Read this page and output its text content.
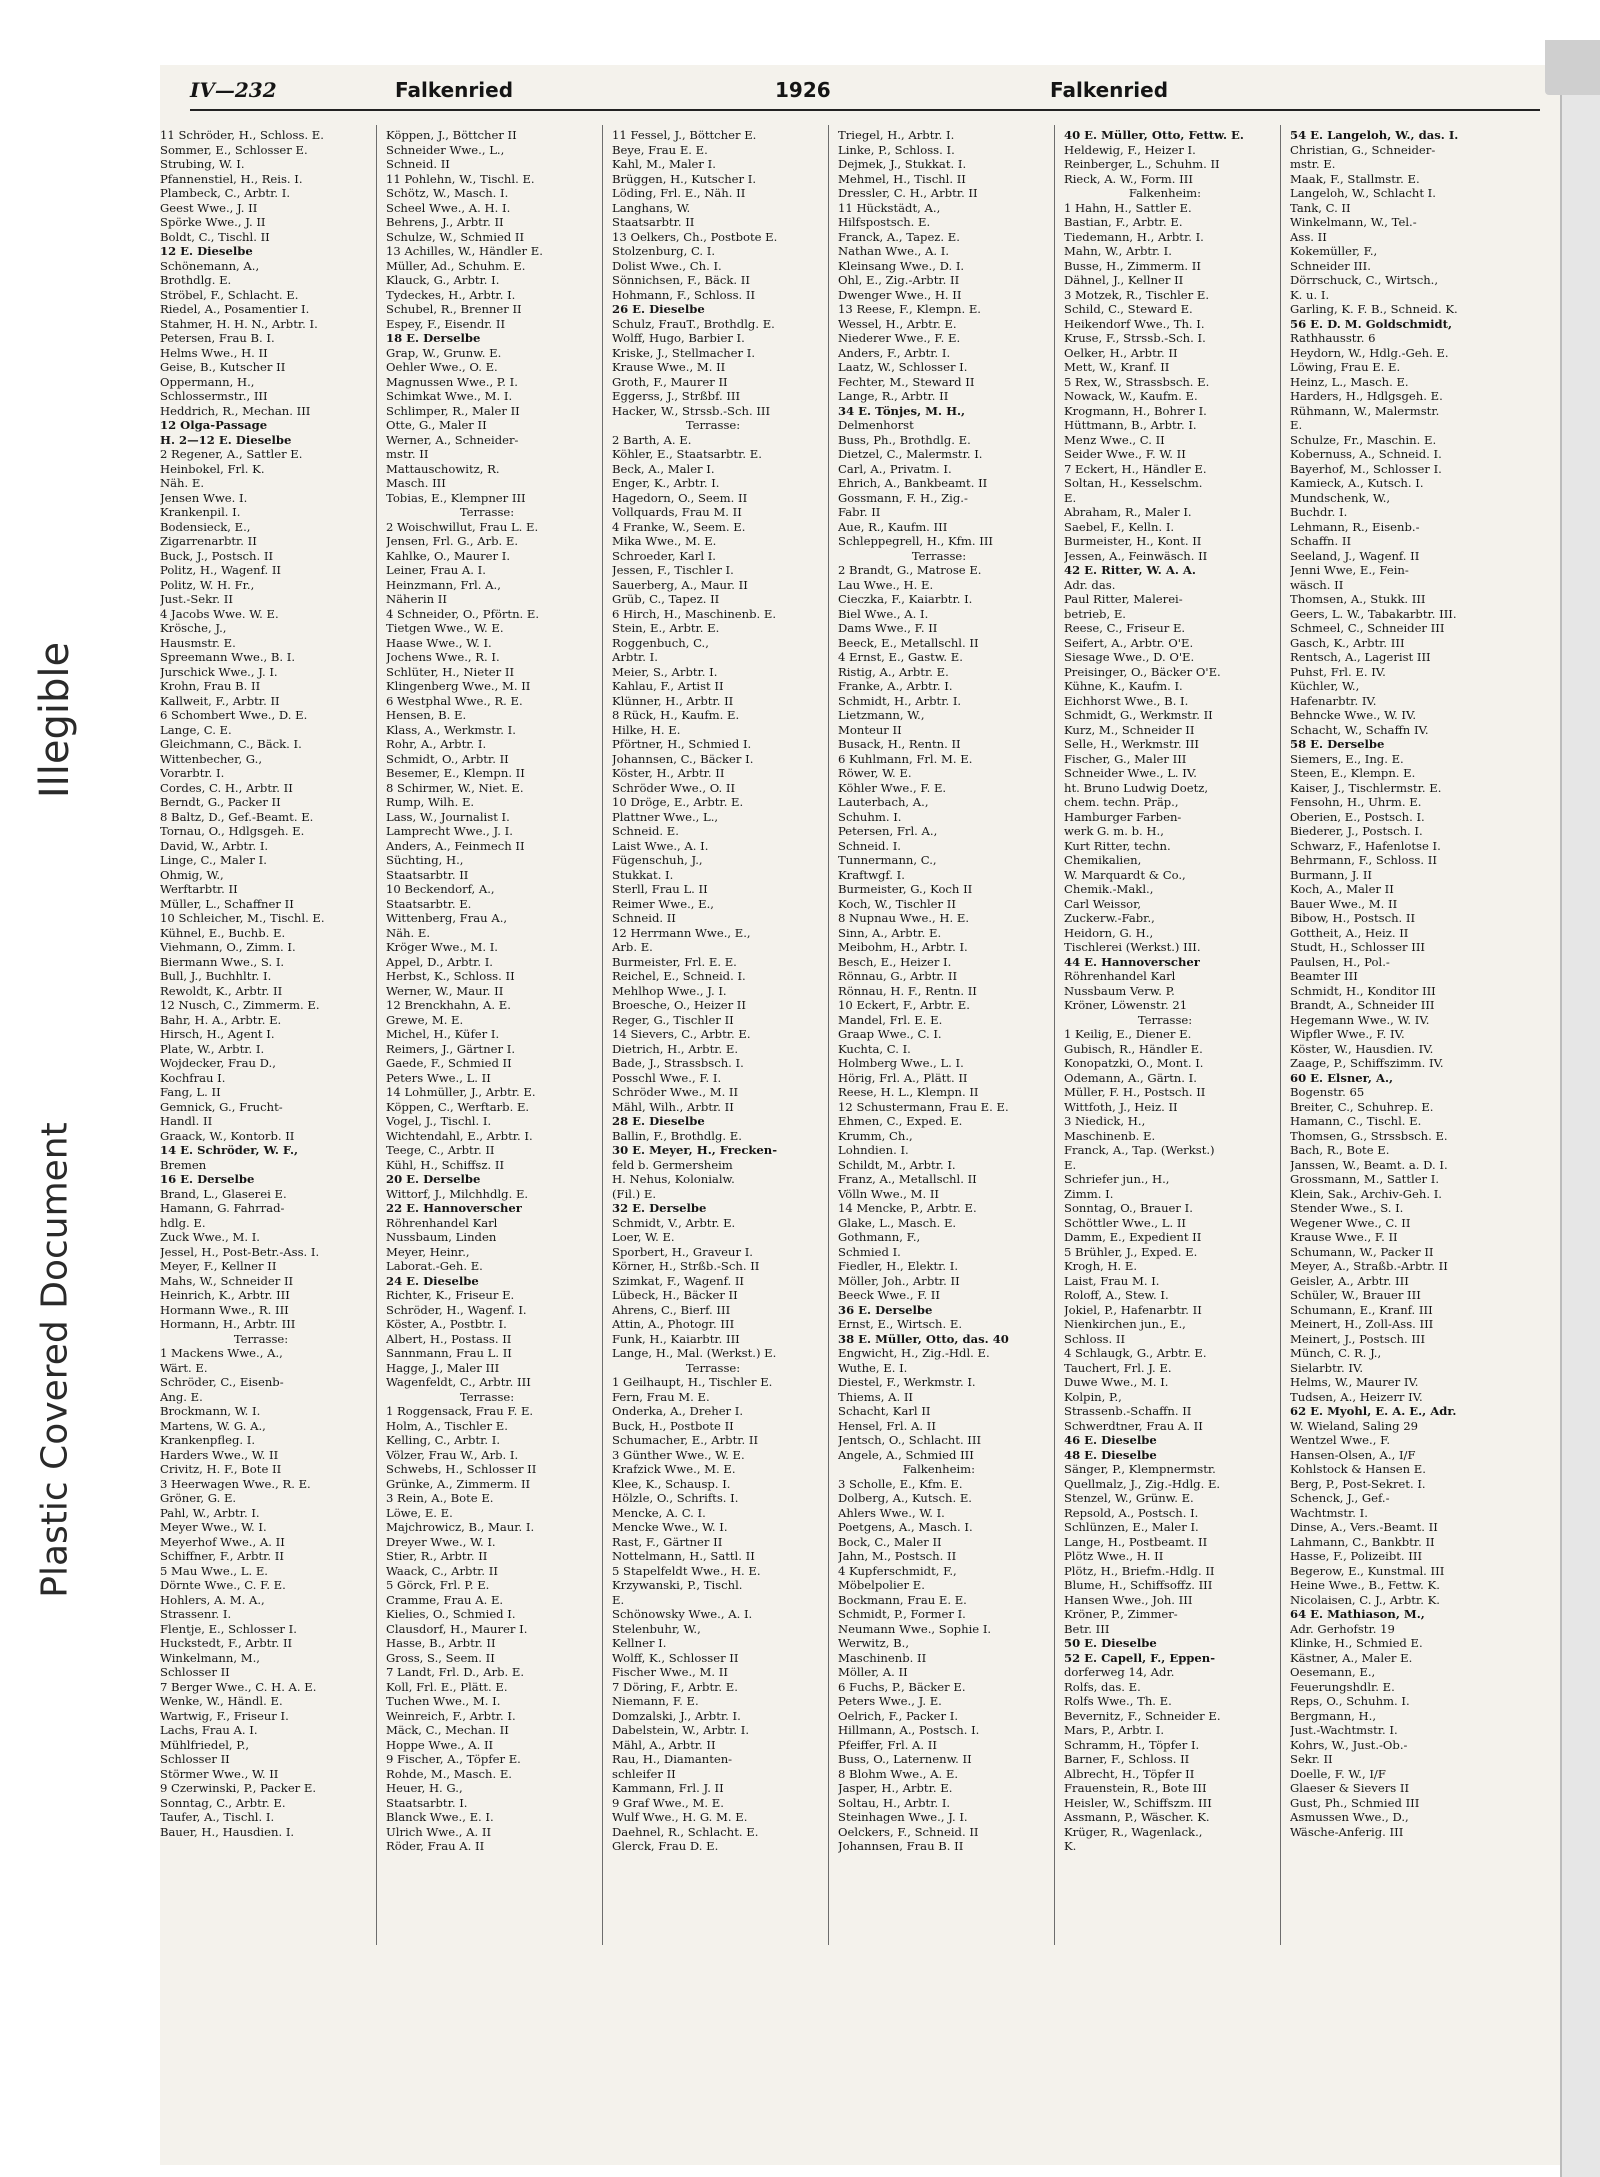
Illegible
Plastic Covered Document
IV—232	Falkenried	1926	Falkenried
11 Schröder, H., Schloss. E.
Sommer, E., Schlosser E.
Strubing, W. I.
Pfannenstiel, H., Reis. I.
Plambeck, C., Arbtr. I.
Geest Wwe., J. II
Spörke Wwe., J. II
Boldt, C., Tischl. II
12 E. Dieselbe
Schönemann, A.,
Brothdlg. E.
Ströbel, F., Schlacht. E.
Riedel, A., Posamentier I.
Stahmer, H. H. N., Arbtr. I.
Petersen, Frau B. I.
Helms Wwe., H. II
Geise, B., Kutscher II
Oppermann, H.,
Schlossermstr., III
Heddrich, R., Mechan. III
12 Olga-Passage
H. 2—12 E. Dieselbe
2 Regener, A., Sattler E.
Heinbokel, Frl. K.
Näh. E.
Jensen Wwe. I.
Krankenpil. I.
Bodensieck, E.,
Zigarrenarbtr. II
Buck, J., Postsch. II
Politz, H., Wagenf. II
Politz, W. H. Fr.,
Just.-Sekr. II
4 Jacobs Wwe. W. E.
Krösche, J.,
Hausmstr. E.
Spreemann Wwe., B. I.
Jurschick Wwe., J. I.
Krohn, Frau B. II
Kallweit, F., Arbtr. II
6 Schombert Wwe., D. E.
Lange, C. E.
Gleichmann, C., Bäck. I.
Wittenbecher, G.,
Vorarbtr. I.
Cordes, C. H., Arbtr. II
Berndt, G., Packer II
8 Baltz, D., Gef.-Beamt. E.
Tornau, O., Hdlgsgeh. E.
David, W., Arbtr. I.
Linge, C., Maler I.
Ohmig, W.,
Werftarbtr. II
Müller, L., Schaffner II
10 Schleicher, M., Tischl. E.
Kühnel, E., Buchb. E.
Viehmann, O., Zimm. I.
Biermann Wwe., S. I.
Bull, J., Buchhltr. I.
Rewoldt, K., Arbtr. II
12 Nusch, C., Zimmerm. E.
Bahr, H. A., Arbtr. E.
Hirsch, H., Agent I.
Plate, W., Arbtr. I.
Wojdecker, Frau D.,
Kochfrau I.
Fang, L. II
Gemnick, G., Frucht-
Handl. II
Graack, W., Kontorb. II
14 E. Schröder, W. F.,
Bremen
16 E. Derselbe
Brand, L., Glaserei E.
Hamann, G. Fahrrad-
hdlg. E.
Zuck Wwe., M. I.
Jessel, H., Post-Betr.-Ass. I.
Meyer, F., Kellner II
Mahs, W., Schneider II
Heinrich, K., Arbtr. III
Hormann Wwe., R. III
Hormann, H., Arbtr. III
Terrasse:
1 Mackens Wwe., A.,
Wärt. E.
Schröder, C., Eisenb-
Ang. E.
Brockmann, W. I.
Martens, W. G. A.,
Krankenpfleg. I.
Harders Wwe., W. II
Crivitz, H. F., Bote II
3 Heerwagen Wwe., R. E.
Gröner, G. E.
Pahl, W., Arbtr. I.
Meyer Wwe., W. I.
Meyerhof Wwe., A. II
Schiffner, F., Arbtr. II
5 Mau Wwe., L. E.
Dörnte Wwe., C. F. E.
Hohlers, A. M. A.,
Strassenr. I.
Flentje, E., Schlosser I.
Huckstedt, F., Arbtr. II
Winkelmann, M.,
Schlosser II
7 Berger Wwe., C. H. A. E.
Wenke, W., Händl. E.
Wartwig, F., Friseur I.
Lachs, Frau A. I.
Mühlfriedel, P.,
Schlosser II
Störmer Wwe., W. II
9 Czerwinski, P., Packer E.
Sonntag, C., Arbtr. E.
Taufer, A., Tischl. I.
Bauer, H., Hausdien. I.
Köppen, J., Böttcher II
Schneider Wwe., L.,
Schneid. II
11 Pohlehn, W., Tischl. E.
Schötz, W., Masch. I.
Scheel Wwe., A. H. I.
Behrens, J., Arbtr. II
Schulze, W., Schmied II
13 Achilles, W., Händler E.
Müller, Ad., Schuhm. E.
Klauck, G., Arbtr. I.
Tydeckes, H., Arbtr. I.
Schubel, R., Brenner II
Espey, F., Eisendr. II
18 E. Derselbe
Grap, W., Grunw. E.
Oehler Wwe., O. E.
Magnussen Wwe., P. I.
Schimkat Wwe., M. I.
Schlimper, R., Maler II
Otte, G., Maler II
Werner, A., Schneider-
mstr. II
Mattauschowitz, R.
Masch. III
Tobias, E., Klempner III
Terrasse:
2 Woischwillut, Frau L. E.
Jensen, Frl. G., Arb. E.
Kahlke, O., Maurer I.
Leiner, Frau A. I.
Heinzmann, Frl. A.,
Näherin II
4 Schneider, O., Pförtn. E.
Tietgen Wwe., W. E.
Haase Wwe., W. I.
Jochens Wwe., R. I.
Schlüter, H., Nieter II
Klingenberg Wwe., M. II
6 Westphal Wwe., R. E.
Hensen, B. E.
Klass, A., Werkmstr. I.
Rohr, A., Arbtr. I.
Schmidt, O., Arbtr. II
Besemer, E., Klempn. II
8 Schirmer, W., Niet. E.
Rump, Wilh. E.
Lass, W., Journalist I.
Lamprecht Wwe., J. I.
Anders, A., Feinmech II
Süchting, H.,
Staatsarbtr. II
10 Beckendorf, A.,
Staatsarbtr. E.
Wittenberg, Frau A.,
Näh. E.
Kröger Wwe., M. I.
Appel, D., Arbtr. I.
Herbst, K., Schloss. II
Werner, W., Maur. II
12 Brenckhahn, A. E.
Grewe, M. E.
Michel, H., Küfer I.
Reimers, J., Gärtner I.
Gaede, F., Schmied II
Peters Wwe., L. II
14 Lohmüller, J., Arbtr. E.
Köppen, C., Werftarb. E.
Vogel, J., Tischl. I.
Wichtendahl, E., Arbtr. I.
Teege, C., Arbtr. II
Kühl, H., Schiffsz. II
20 E. Derselbe
Wittorf, J., Milchhdlg. E.
22 E. Hannoverscher
Röhrenhandel Karl
Nussbaum, Linden
Meyer, Heinr.,
Laborat.-Geh. E.
24 E. Dieselbe
Richter, K., Friseur E.
Schröder, H., Wagenf. I.
Köster, A., Postbtr. I.
Albert, H., Postass. II
Sannmann, Frau L. II
Hagge, J., Maler III
Wagenfeldt, C., Arbtr. III
Terrasse:
1 Roggensack, Frau F. E.
Holm, A., Tischler E.
Kelling, C., Arbtr. I.
Völzer, Frau W., Arb. I.
Schwebs, H., Schlosser II
Grünke, A., Zimmerm. II
3 Rein, A., Bote E.
Löwe, E. E.
Majchrowicz, B., Maur. I.
Dreyer Wwe., W. I.
Stier, R., Arbtr. II
Waack, C., Arbtr. II
5 Görck, Frl. P. E.
Cramme, Frau A. E.
Kielies, O., Schmied I.
Clausdorf, H., Maurer I.
Hasse, B., Arbtr. II
Gross, S., Seem. II
7 Landt, Frl. D., Arb. E.
Koll, Frl. E., Plätt. E.
Tuchen Wwe., M. I.
Weinreich, F., Arbtr. I.
Mäck, C., Mechan. II
Hoppe Wwe., A. II
9 Fischer, A., Töpfer E.
Rohde, M., Masch. E.
Heuer, H. G.,
Staatsarbtr. I.
Blanck Wwe., E. I.
Ulrich Wwe., A. II
Röder, Frau A. II
11 Fessel, J., Böttcher E.
Beye, Frau E. E.
Kahl, M., Maler I.
Brüggen, H., Kutscher I.
Löding, Frl. E., Näh. II
Langhans, W.
Staatsarbtr. II
13 Oelkers, Ch., Postbote E.
Stolzenburg, C. I.
Dolist Wwe., Ch. I.
Sönnichsen, F., Bäck. II
Hohmann, F., Schloss. II
26 E. Dieselbe
Schulz, FrauT., Brothdlg. E.
Wolff, Hugo, Barbier I.
Kriske, J., Stellmacher I.
Krause Wwe., M. II
Groth, F., Maurer II
Eggerss, J., Strßbf. III
Hacker, W., Strssb.-Sch. III
Terrasse:
2 Barth, A. E.
Köhler, E., Staatsarbtr. E.
Beck, A., Maler I.
Enger, K., Arbtr. I.
Hagedorn, O., Seem. II
Vollquards, Frau M. II
4 Franke, W., Seem. E.
Mika Wwe., M. E.
Schroeder, Karl I.
Jessen, F., Tischler I.
Sauerberg, A., Maur. II
Grüb, C., Tapez. II
6 Hirch, H., Maschinenb. E.
Stein, E., Arbtr. E.
Roggenbuch, C.,
Arbtr. I.
Meier, S., Arbtr. I.
Kahlau, F., Artist II
Klünner, H., Arbtr. II
8 Rück, H., Kaufm. E.
Hilke, H. E.
Pförtner, H., Schmied I.
Johannsen, C., Bäcker I.
Köster, H., Arbtr. II
Schröder Wwe., O. II
10 Dröge, E., Arbtr. E.
Plattner Wwe., L.,
Schneid. E.
Laist Wwe., A. I.
Fügenschuh, J.,
Stukkat. I.
Sterll, Frau L. II
Reimer Wwe., E.,
Schneid. II
12 Herrmann Wwe., E.,
Arb. E.
Burmeister, Frl. E. E.
Reichel, E., Schneid. I.
Mehlhop Wwe., J. I.
Broesche, O., Heizer II
Reger, G., Tischler II
14 Sievers, C., Arbtr. E.
Dietrich, H., Arbtr. E.
Bade, J., Strassbsch. I.
Posschl Wwe., F. I.
Schröder Wwe., M. II
Mähl, Wilh., Arbtr. II
28 E. Dieselbe
Ballin, F., Brothdlg. E.
30 E. Meyer, H., Frecken-
feld b. Germersheim
H. Nehus, Kolonialw.
(Fil.) E.
32 E. Derselbe
Schmidt, V., Arbtr. E.
Loer, W. E.
Sporbert, H., Graveur I.
Körner, H., Strßb.-Sch. II
Szimkat, F., Wagenf. II
Lübeck, H., Bäcker II
Ahrens, C., Bierf. III
Attin, A., Photogr. III
Funk, H., Kaiarbtr. III
Lange, H., Mal. (Werkst.) E.
Terrasse:
1 Geilhaupt, H., Tischler E.
Fern, Frau M. E.
Onderka, A., Dreher I.
Buck, H., Postbote II
Schumacher, E., Arbtr. II
3 Günther Wwe., W. E.
Krafzick Wwe., M. E.
Klee, K., Schausp. I.
Hölzle, O., Schrifts. I.
Mencke, A. C. I.
Mencke Wwe., W. I.
Rast, F., Gärtner II
Nottelmann, H., Sattl. II
5 Stapelfeldt Wwe., H. E.
Krzywanski, P., Tischl.
E.
Schönowsky Wwe., A. I.
Stelenbuhr, W.,
Kellner I.
Wolff, K., Schlosser II
Fischer Wwe., M. II
7 Döring, F., Arbtr. E.
Niemann, F. E.
Domzalski, J., Arbtr. I.
Dabelstein, W., Arbtr. I.
Mähl, A., Arbtr. II
Rau, H., Diamanten-
schleifer II
Kammann, Frl. J. II
9 Graf Wwe., M. E.
Wulf Wwe., H. G. M. E.
Daehnel, R., Schlacht. E.
Glerck, Frau D. E.
Triegel, H., Arbtr. I.
Linke, P., Schloss. I.
Dejmek, J., Stukkat. I.
Mehmel, H., Tischl. II
Dressler, C. H., Arbtr. II
11 Hückstädt, A.,
Hilfspostsch. E.
Franck, A., Tapez. E.
Nathan Wwe., A. I.
Kleinsang Wwe., D. I.
Ohl, E., Zig.-Arbtr. II
Dwenger Wwe., H. II
13 Reese, F., Klempn. E.
Wessel, H., Arbtr. E.
Niederer Wwe., F. E.
Anders, F., Arbtr. I.
Laatz, W., Schlosser I.
Fechter, M., Steward II
Lange, R., Arbtr. II
34 E. Tönjes, M. H.,
Delmenhorst
Buss, Ph., Brothdlg. E.
Dietzel, C., Malermstr. I.
Carl, A., Privatm. I.
Ehrich, A., Bankbeamt. II
Gossmann, F. H., Zig.-
Fabr. II
Aue, R., Kaufm. III
Schleppegrell, H., Kfm. III
Terrasse:
2 Brandt, G., Matrose E.
Lau Wwe., H. E.
Cieczka, F., Kaiarbtr. I.
Biel Wwe., A. I.
Dams Wwe., F. II
Beeck, E., Metallschl. II
4 Ernst, E., Gastw. E.
Ristig, A., Arbtr. E.
Franke, A., Arbtr. I.
Schmidt, H., Arbtr. I.
Lietzmann, W.,
Monteur II
Busack, H., Rentn. II
6 Kuhlmann, Frl. M. E.
Röwer, W. E.
Köhler Wwe., F. E.
Lauterbach, A.,
Schuhm. I.
Petersen, Frl. A.,
Schneid. I.
Tunnermann, C.,
Kraftwgf. I.
Burmeister, G., Koch II
Koch, W., Tischler II
8 Nupnau Wwe., H. E.
Sinn, A., Arbtr. E.
Meibohm, H., Arbtr. I.
Besch, E., Heizer I.
Rönnau, G., Arbtr. II
Rönnau, H. F., Rentn. II
10 Eckert, F., Arbtr. E.
Mandel, Frl. E. E.
Graap Wwe., C. I.
Kuchta, C. I.
Holmberg Wwe., L. I.
Hörig, Frl. A., Plätt. II
Reese, H. L., Klempn. II
12 Schustermann, Frau E. E.
Ehmen, C., Exped. E.
Krumm, Ch.,
Lohndien. I.
Schildt, M., Arbtr. I.
Franz, A., Metallschl. II
Völln Wwe., M. II
14 Mencke, P., Arbtr. E.
Glake, L., Masch. E.
Gothmann, F.,
Schmied I.
Fiedler, H., Elektr. I.
Möller, Joh., Arbtr. II
Beeck Wwe., F. II
36 E. Derselbe
Ernst, E., Wirtsch. E.
38 E. Müller, Otto, das. 40
Engwicht, H., Zig.-Hdl. E.
Wuthe, E. I.
Diestel, F., Werkmstr. I.
Thiems, A. II
Schacht, Karl II
Hensel, Frl. A. II
Jentsch, O., Schlacht. III
Angele, A., Schmied III
Falkenheim:
3 Scholle, E., Kfm. E.
Dolberg, A., Kutsch. E.
Ahlers Wwe., W. I.
Poetgens, A., Masch. I.
Bock, C., Maler II
Jahn, M., Postsch. II
4 Kupferschmidt, F.,
Möbelpolier E.
Bockmann, Frau E. E.
Schmidt, P., Former I.
Neumann Wwe., Sophie I.
Werwitz, B.,
Maschinenb. II
Möller, A. II
6 Fuchs, P., Bäcker E.
Peters Wwe., J. E.
Oelrich, F., Packer I.
Hillmann, A., Postsch. I.
Pfeiffer, Frl. A. II
Buss, O., Laternenw. II
8 Blohm Wwe., A. E.
Jasper, H., Arbtr. E.
Soltau, H., Arbtr. I.
Steinhagen Wwe., J. I.
Oelckers, F., Schneid. II
Johannsen, Frau B. II
40 E. Müller, Otto, Fettw. E.
Heldewig, F., Heizer I.
Reinberger, L., Schuhm. II
Rieck, A. W., Form. III
Falkenheim:
1 Hahn, H., Sattler E.
Bastian, F., Arbtr. E.
Tiedemann, H., Arbtr. I.
Mahn, W., Arbtr. I.
Busse, H., Zimmerm. II
Dähnel, J., Kellner II
3 Motzek, R., Tischler E.
Schild, C., Steward E.
Heikendorf Wwe., Th. I.
Kruse, F., Strssb.-Sch. I.
Oelker, H., Arbtr. II
Mett, W., Kranf. II
5 Rex, W., Strassbsch. E.
Nowack, W., Kaufm. E.
Krogmann, H., Bohrer I.
Hüttmann, B., Arbtr. I.
Menz Wwe., C. II
Seider Wwe., F. W. II
7 Eckert, H., Händler E.
Soltan, H., Kesselschm.
E.
Abraham, R., Maler I.
Saebel, F., Kelln. I.
Burmeister, H., Kont. II
Jessen, A., Feinwäsch. II
42 E. Ritter, W. A. A.
Adr. das.
Paul Ritter, Malerei-
betrieb, E.
Reese, C., Friseur E.
Seifert, A., Arbtr. O'E.
Siesage Wwe., D. O'E.
Preisinger, O., Bäcker O'E.
Kühne, K., Kaufm. I.
Eichhorst Wwe., B. I.
Schmidt, G., Werkmstr. II
Kurz, M., Schneider II
Selle, H., Werkmstr. III
Fischer, G., Maler III
Schneider Wwe., L. IV.
ht. Bruno Ludwig Doetz,
chem. techn. Präp.,
Hamburger Farben-
werk G. m. b. H.,
Kurt Ritter, techn.
Chemikalien,
W. Marquardt & Co.,
Chemik.-Makl.,
Carl Weissor,
Zuckerw.-Fabr.,
Heidorn, G. H.,
Tischlerei (Werkst.) III.
44 E. Hannoverscher
Röhrenhandel Karl
Nussbaum Verw. P.
Kröner, Löwenstr. 21
Terrasse:
1 Keilig, E., Diener E.
Gubisch, R., Händler E.
Konopatzki, O., Mont. I.
Odemann, A., Gärtn. I.
Müller, F. H., Postsch. II
Wittfoth, J., Heiz. II
3 Niedick, H.,
Maschinenb. E.
Franck, A., Tap. (Werkst.)
E.
Schriefer jun., H.,
Zimm. I.
Sonntag, O., Brauer I.
Schöttler Wwe., L. II
Damm, E., Expedient II
5 Brühler, J., Exped. E.
Krogh, H. E.
Laist, Frau M. I.
Roloff, A., Stew. I.
Jokiel, P., Hafenarbtr. II
Nienkirchen jun., E.,
Schloss. II
4 Schlaugk, G., Arbtr. E.
Tauchert, Frl. J. E.
Duwe Wwe., M. I.
Kolpin, P.,
Strassenb.-Schaffn. II
Schwerdtner, Frau A. II
46 E. Dieselbe
48 E. Dieselbe
Sänger, P., Klempnermstr.
Quellmalz, J., Zig.-Hdlg. E.
Stenzel, W., Grünw. E.
Repsold, A., Postsch. I.
Schlünzen, E., Maler I.
Lange, H., Postbeamt. II
Plötz Wwe., H. II
Plötz, H., Briefm.-Hdlg. II
Blume, H., Schiffsoffz. III
Hansen Wwe., Joh. III
Kröner, P., Zimmer-
Betr. III
50 E. Dieselbe
52 E. Capell, F., Eppen-
dorferweg 14, Adr.
Rolfs, das. E.
Rolfs Wwe., Th. E.
Bevernitz, F., Schneider E.
Mars, P., Arbtr. I.
Schramm, H., Töpfer I.
Barner, F., Schloss. II
Albrecht, H., Töpfer II
Frauenstein, R., Bote III
Heisler, W., Schiffszm. III
Assmann, P., Wäscher. K.
Krüger, R., Wagenlack.,
K.
54 E. Langeloh, W., das. I.
Christian, G., Schneider-
mstr. E.
Maak, F., Stallmstr. E.
Langeloh, W., Schlacht I.
Tank, C. II
Winkelmann, W., Tel.-
Ass. II
Kokemüller, F.,
Schneider III.
Dörrschuck, C., Wirtsch.,
K. u. I.
Garling, K. F. B., Schneid. K.
56 E. D. M. Goldschmidt,
Rathhausstr. 6
Heydorn, W., Hdlg.-Geh. E.
Löwing, Frau E. E.
Heinz, L., Masch. E.
Harders, H., Hdlgsgeh. E.
Rühmann, W., Malermstr.
E.
Schulze, Fr., Maschin. E.
Kobernuss, A., Schneid. I.
Bayerhof, M., Schlosser I.
Kamieck, A., Kutsch. I.
Mundschenk, W.,
Buchdr. I.
Lehmann, R., Eisenb.-
Schaffn. II
Seeland, J., Wagenf. II
Jenni Wwe, E., Fein-
wäsch. II
Thomsen, A., Stukk. III
Geers, L. W., Tabakarbtr. III.
Schmeel, C., Schneider III
Gasch, K., Arbtr. III
Rentsch, A., Lagerist III
Puhst, Frl. E. IV.
Küchler, W.,
Hafenarbtr. IV.
Behncke Wwe., W. IV.
Schacht, W., Schaffn IV.
58 E. Derselbe
Siemers, E., Ing. E.
Steen, E., Klempn. E.
Kaiser, J., Tischlermstr. E.
Fensohn, H., Uhrm. E.
Oberien, E., Postsch. I.
Biederer, J., Postsch. I.
Schwarz, F., Hafenlotse I.
Behrmann, F., Schloss. II
Burmann, J. II
Koch, A., Maler II
Bauer Wwe., M. II
Bibow, H., Postsch. II
Gottheit, A., Heiz. II
Studt, H., Schlosser III
Paulsen, H., Pol.-
Beamter III
Schmidt, H., Konditor III
Brandt, A., Schneider III
Hegemann Wwe., W. IV.
Wipfler Wwe., F. IV.
Köster, W., Hausdien. IV.
Zaage, P., Schiffszimm. IV.
60 E. Elsner, A.,
Bogenstr. 65
Breiter, C., Schuhrep. E.
Hamann, C., Tischl. E.
Thomsen, G., Strssbsch. E.
Bach, R., Bote E.
Janssen, W., Beamt. a. D. I.
Grossmann, M., Sattler I.
Klein, Sak., Archiv-Geh. I.
Stender Wwe., S. I.
Wegener Wwe., C. II
Krause Wwe., F. II
Schumann, W., Packer II
Meyer, A., Straßb.-Arbtr. II
Geisler, A., Arbtr. III
Schüler, W., Brauer III
Schumann, E., Kranf. III
Meinert, H., Zoll-Ass. III
Meinert, J., Postsch. III
Münch, C. R. J.,
Sielarbtr. IV.
Helms, W., Maurer IV.
Tudsen, A., Heizerr IV.
62 E. Myohl, E. A. E., Adr.
W. Wieland, Saling 29
Wentzel Wwe., F.
Hansen-Olsen, A., I/F
Kohlstock & Hansen E.
Berg, P., Post-Sekret. I.
Schenck, J., Gef.-
Wachtmstr. I.
Dinse, A., Vers.-Beamt. II
Lahmann, C., Bankbtr. II
Hasse, F., Polizeibt. III
Begerow, E., Kunstmal. III
Heine Wwe., B., Fettw. K.
Nicolaisen, C. J., Arbtr. K.
64 E. Mathiason, M.,
Adr. Gerhofstr. 19
Klinke, H., Schmied E.
Kästner, A., Maler E.
Oesemann, E.,
Feuerungshdlr. E.
Reps, O., Schuhm. I.
Bergmann, H.,
Just.-Wachtmstr. I.
Kohrs, W., Just.-Ob.-
Sekr. II
Doelle, F. W., I/F
Glaeser & Sievers II
Gust, Ph., Schmied III
Asmussen Wwe., D.,
Wäsche-Anferig. III
